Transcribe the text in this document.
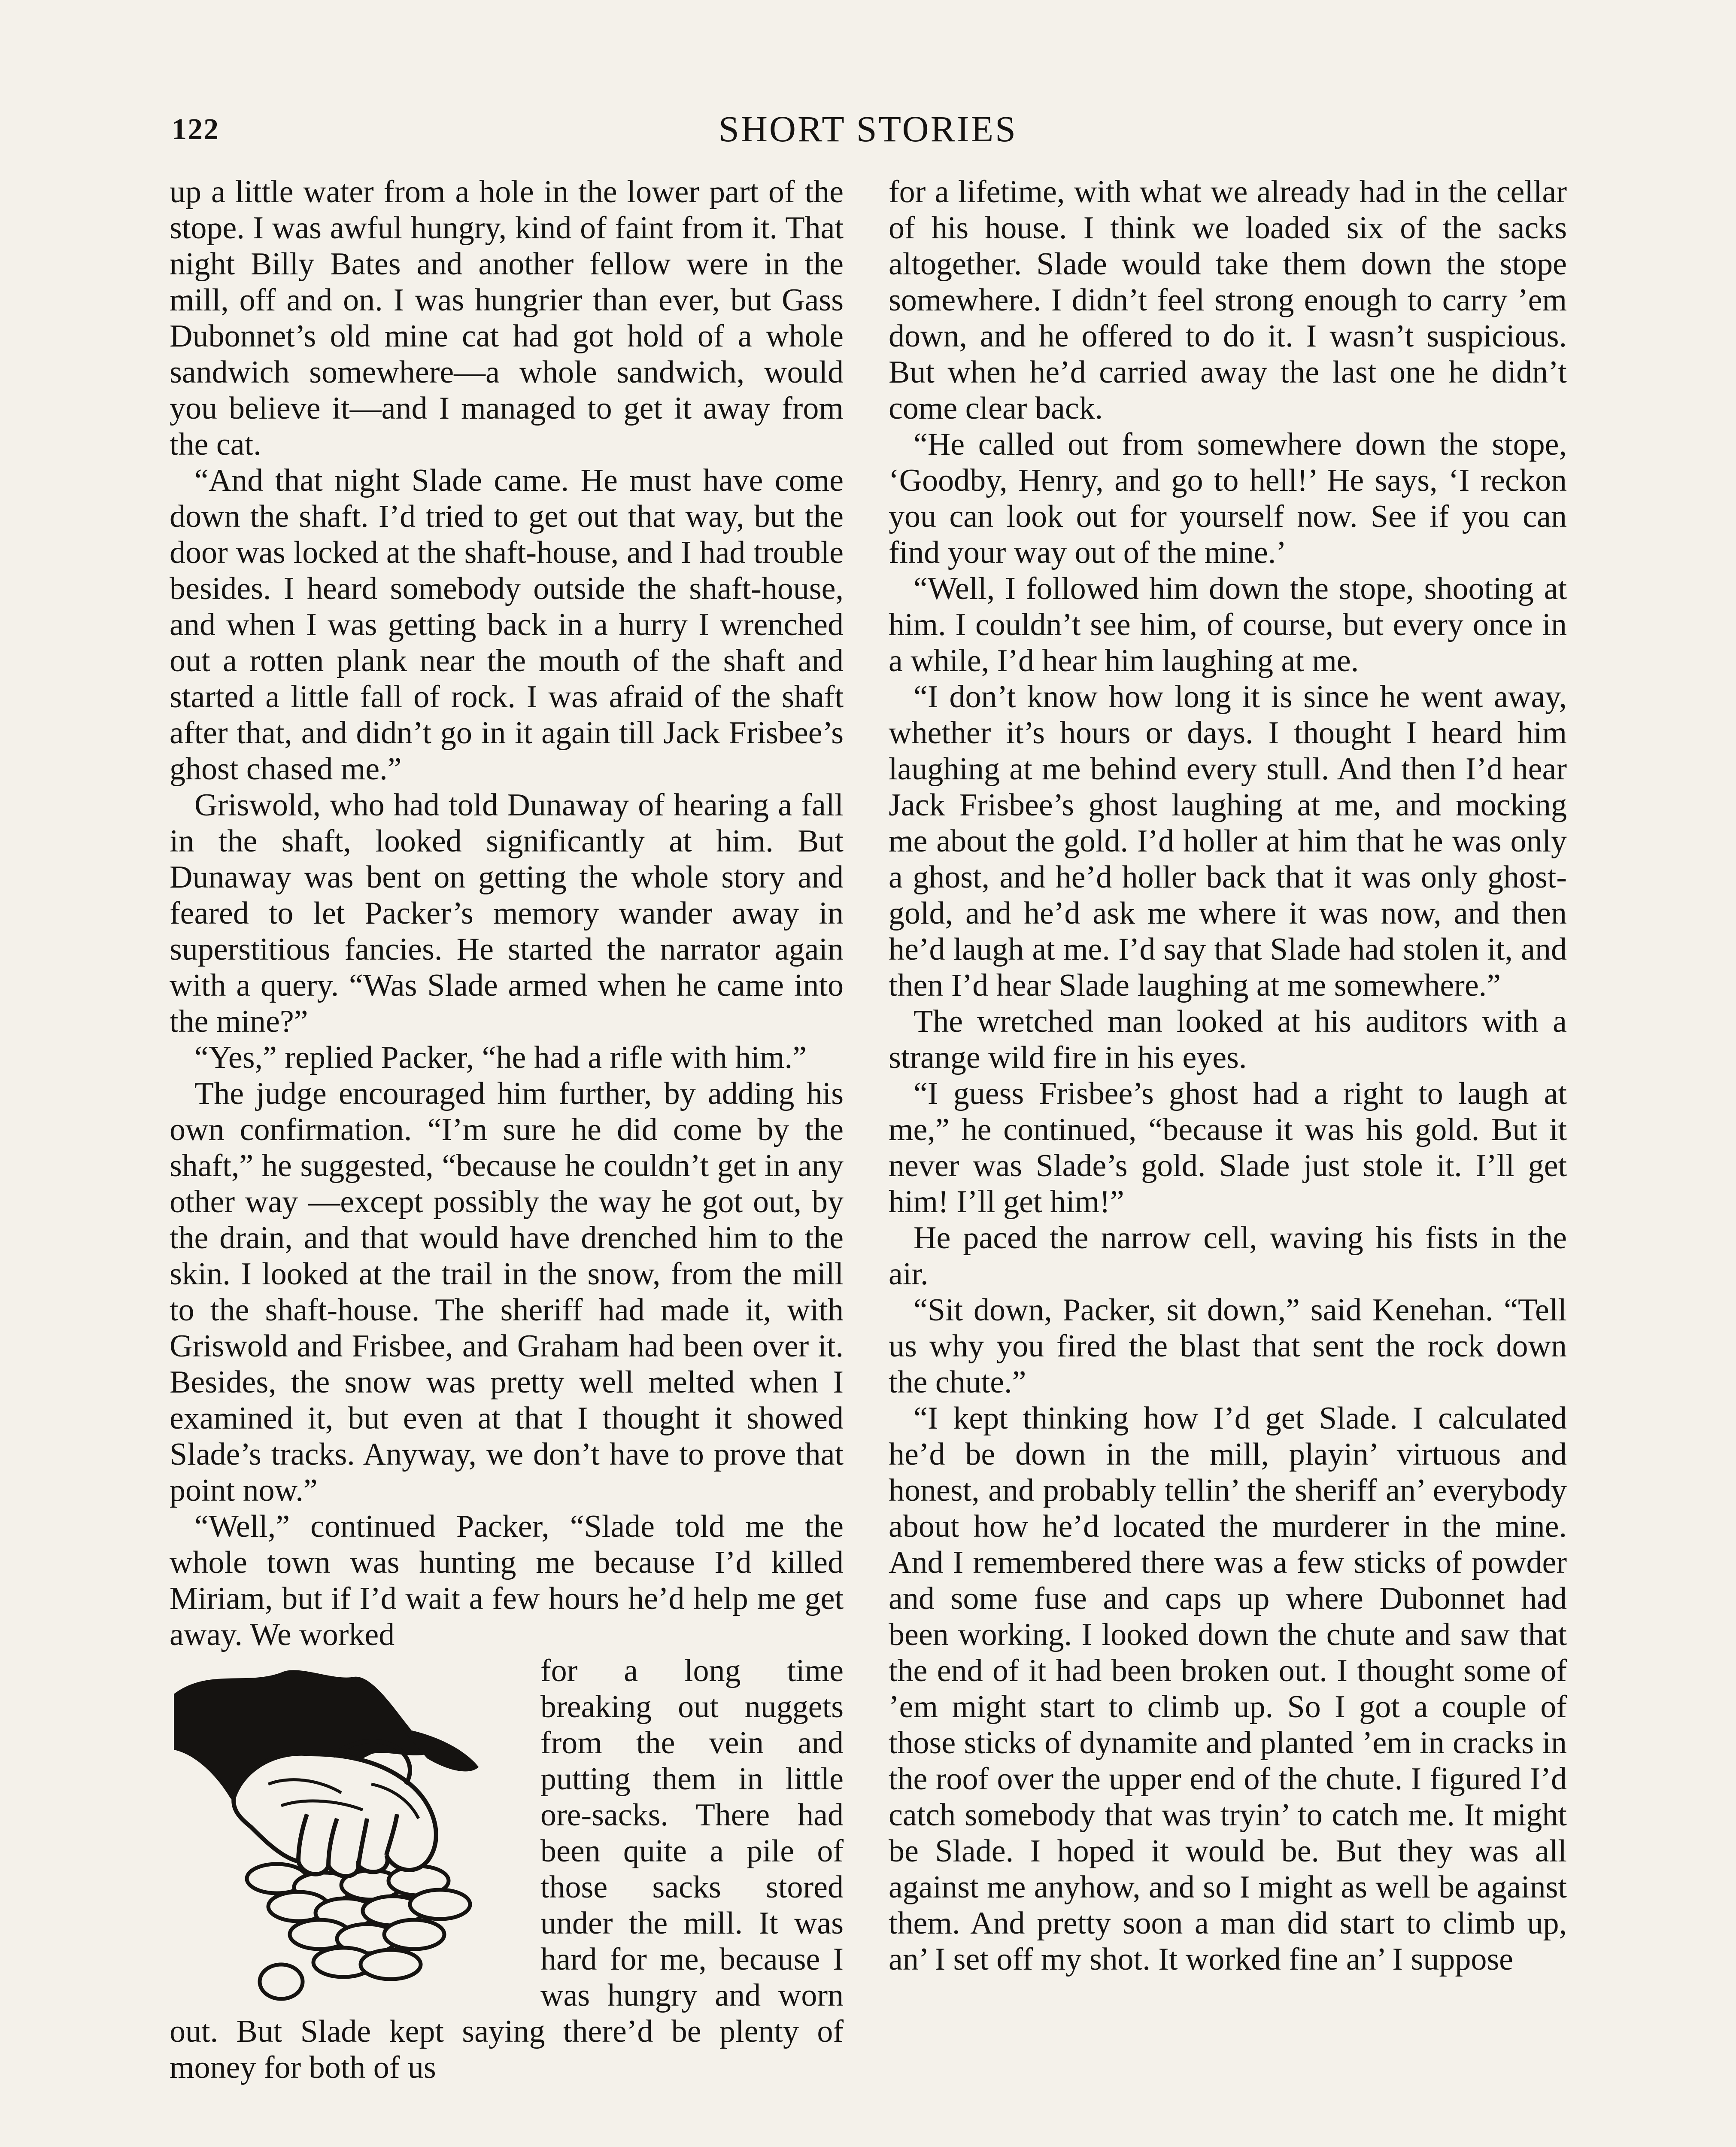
122	SHORT STORIES

up a little water from a hole in the lower part of the stope. I was awful hungry, kind of faint from it. That night Billy Bates and another fellow were in the mill, off and on. I was hungrier than ever, but Gass Dubonnet’s old mine cat had got hold of a whole sandwich somewhere—a whole sandwich, would you believe it—and I managed to get it away from the cat.

“And that night Slade came. He must have come down the shaft. I’d tried to get out that way, but the door was locked at the shaft-house, and I had trouble besides. I heard somebody outside the shaft-house, and when I was getting back in a hurry I wrenched out a rotten plank near the mouth of the shaft and started a little fall of rock. I was afraid of the shaft after that, and didn’t go in it again till Jack Frisbee’s ghost chased me.”

Griswold, who had told Dunaway of hearing a fall in the shaft, looked significantly at him. But Dunaway was bent on getting the whole story and feared to let Packer’s memory wander away in superstitious fancies. He started the narrator again with a query. “Was Slade armed when he came into the mine?”

“Yes,” replied Packer, “he had a rifle with him.”

The judge encouraged him further, by adding his own confirmation. “I’m sure he did come by the shaft,” he suggested, “because he couldn’t get in any other way —except possibly the way he got out, by the drain, and that would have drenched him to the skin. I looked at the trail in the snow, from the mill to the shaft-house. The sheriff had made it, with Griswold and Frisbee, and Graham had been over it. Besides, the snow was pretty well melted when I examined it, but even at that I thought it showed Slade’s tracks. Anyway, we don’t have to prove that point now.”

“Well,” continued Packer, “Slade told me the whole town was hunting me because I’d killed Miriam, but if I’d wait a few hours he’d help me get away. We worked

for a long time breaking out nuggets from the vein and putting them in little ore-sacks. There had been quite a pile of those sacks stored under the mill. It was hard for me, because I was hungry and worn out. But Slade kept saying there’d be plenty of money for both of us

for a lifetime, with what we already had in the cellar of his house. I think we loaded six of the sacks altogether. Slade would take them down the stope somewhere. I didn’t feel strong enough to carry ’em down, and he offered to do it. I wasn’t suspicious. But when he’d carried away the last one he didn’t come clear back.

“He called out from somewhere down the stope, ‘Goodby, Henry, and go to hell!’ He says, ‘I reckon you can look out for yourself now. See if you can find your way out of the mine.’

“Well, I followed him down the stope, shooting at him. I couldn’t see him, of course, but every once in a while, I’d hear him laughing at me.

“I don’t know how long it is since he went away, whether it’s hours or days. I thought I heard him laughing at me behind every stull. And then I’d hear Jack Frisbee’s ghost laughing at me, and mocking me about the gold. I’d holler at him that he was only a ghost, and he’d holler back that it was only ghost-gold, and he’d ask me where it was now, and then he’d laugh at me. I’d say that Slade had stolen it, and then I’d hear Slade laughing at me somewhere.”

The wretched man looked at his auditors with a strange wild fire in his eyes.

“I guess Frisbee’s ghost had a right to laugh at me,” he continued, “because it was his gold. But it never was Slade’s gold. Slade just stole it. I’ll get him! I’ll get him!”

He paced the narrow cell, waving his fists in the air.

“Sit down, Packer, sit down,” said Kenehan. “Tell us why you fired the blast that sent the rock down the chute.”

“I kept thinking how I’d get Slade. I calculated he’d be down in the mill, playin’ virtuous and honest, and probably tellin’ the sheriff an’ everybody about how he’d located the murderer in the mine. And I remembered there was a few sticks of powder and some fuse and caps up where Dubonnet had been working. I looked down the chute and saw that the end of it had been broken out. I thought some of ’em might start to climb up. So I got a couple of those sticks of dynamite and planted ’em in cracks in the roof over the upper end of the chute. I figured I’d catch somebody that was tryin’ to catch me. It might be Slade. I hoped it would be. But they was all against me anyhow, and so I might as well be against them. And pretty soon a man did start to climb up, an’ I set off my shot. It worked fine an’ I suppose
